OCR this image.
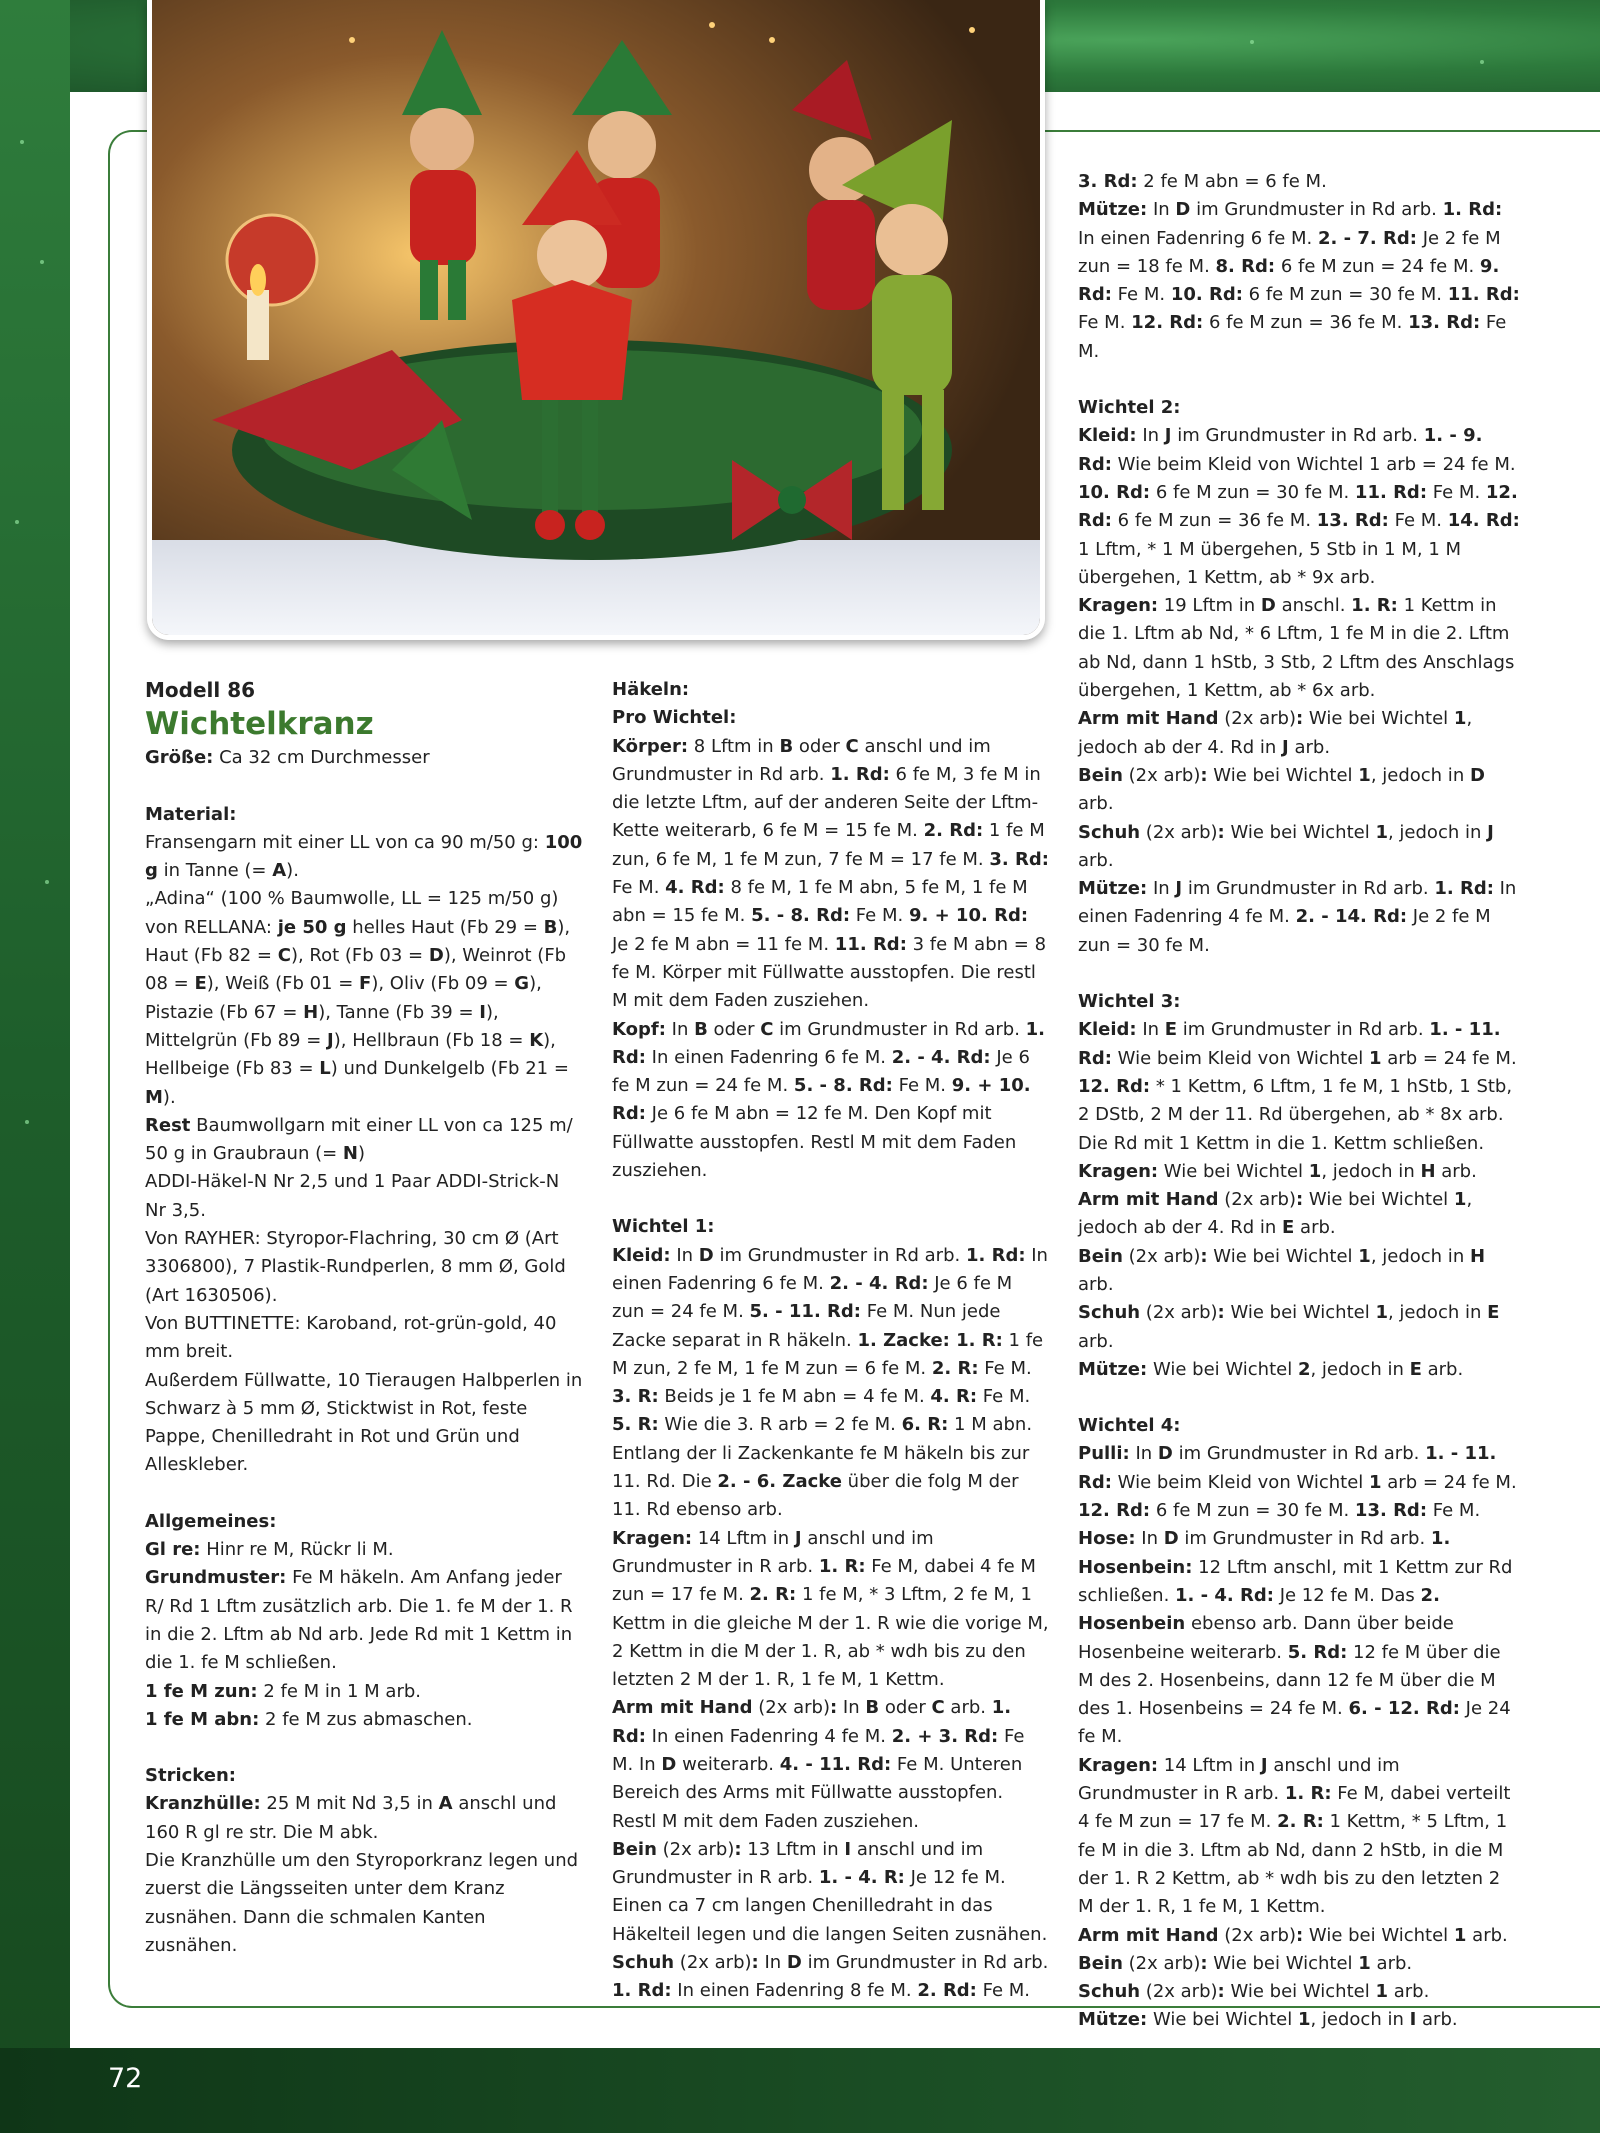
Modell 86

Wichtelkranz

Größe: Ca 32 cm Durchmesser

Material:

Fransengarn mit einer LL von ca 90 m/50 g: 100 g in Tanne (= A).

„Adina“ (100 % Baumwolle, LL = 125 m/50 g) von RELLANA: je 50 g helles Haut (Fb 29 = B), Haut (Fb 82 = C), Rot (Fb 03 = D), Weinrot (Fb 08 = E), Weiß (Fb 01 = F), Oliv (Fb 09 = G), Pistazie (Fb 67 = H), Tanne (Fb 39 = I), Mittelgrün (Fb 89 = J), Hellbraun (Fb 18 = K), Hellbeige (Fb 83 = L) und Dunkelgelb (Fb 21 = M).

Rest Baumwollgarn mit einer LL von ca 125 m/ 50 g in Graubraun (= N)

ADDI-Häkel-N Nr 2,5 und 1 Paar ADDI-Strick-N Nr 3,5.

Von RAYHER: Styropor-Flachring, 30 cm Ø (Art 3306800), 7 Plastik-Rundperlen, 8 mm Ø, Gold (Art 1630506).

Von BUTTINETTE: Karoband, rot-grün-gold, 40 mm breit.

Außerdem Füllwatte, 10 Tieraugen Halbperlen in Schwarz à 5 mm Ø, Sticktwist in Rot, feste Pappe, Chenilledraht in Rot und Grün und Alleskleber.

Allgemeines:

Gl re: Hinr re M, Rückr li M.

Grundmuster: Fe M häkeln. Am Anfang jeder R/ Rd 1 Lftm zusätzlich arb. Die 1. fe M der 1. R in die 2. Lftm ab Nd arb. Jede Rd mit 1 Kettm in die 1. fe M schließen.

1 fe M zun: 2 fe M in 1 M arb.

1 fe M abn: 2 fe M zus abmaschen.

Stricken:

Kranzhülle: 25 M mit Nd 3,5 in A anschl und 160 R gl re str. Die M abk.

Die Kranzhülle um den Styroporkranz legen und zuerst die Längsseiten unter dem Kranz zusnähen. Dann die schmalen Kanten zusnähen.

Häkeln:

Pro Wichtel:

Körper: 8 Lftm in B oder C anschl und im Grundmuster in Rd arb. 1. Rd: 6 fe M, 3 fe M in die letzte Lftm, auf der anderen Seite der Lftm-Kette weiterarb, 6 fe M = 15 fe M. 2. Rd: 1 fe M zun, 6 fe M, 1 fe M zun, 7 fe M = 17 fe M. 3. Rd: Fe M. 4. Rd: 8 fe M, 1 fe M abn, 5 fe M, 1 fe M abn = 15 fe M. 5. - 8. Rd: Fe M. 9. + 10. Rd: Je 2 fe M abn = 11 fe M. 11. Rd: 3 fe M abn = 8 fe M. Körper mit Füllwatte ausstopfen. Die restl M mit dem Faden zusziehen.

Kopf: In B oder C im Grundmuster in Rd arb. 1. Rd: In einen Fadenring 6 fe M. 2. - 4. Rd: Je 6 fe M zun = 24 fe M. 5. - 8. Rd: Fe M. 9. + 10. Rd: Je 6 fe M abn = 12 fe M. Den Kopf mit Füllwatte ausstopfen. Restl M mit dem Faden zusziehen.

Wichtel 1:

Kleid: In D im Grundmuster in Rd arb. 1. Rd: In einen Fadenring 6 fe M. 2. - 4. Rd: Je 6 fe M zun = 24 fe M. 5. - 11. Rd: Fe M. Nun jede Zacke separat in R häkeln. 1. Zacke: 1. R: 1 fe M zun, 2 fe M, 1 fe M zun = 6 fe M. 2. R: Fe M. 3. R: Beids je 1 fe M abn = 4 fe M. 4. R: Fe M. 5. R: Wie die 3. R arb = 2 fe M. 6. R: 1 M abn. Entlang der li Zackenkante fe M häkeln bis zur 11. Rd. Die 2. - 6. Zacke über die folg M der 11. Rd ebenso arb.

Kragen: 14 Lftm in J anschl und im Grundmuster in R arb. 1. R: Fe M, dabei 4 fe M zun = 17 fe M. 2. R: 1 fe M, * 3 Lftm, 2 fe M, 1 Kettm in die gleiche M der 1. R wie die vorige M, 2 Kettm in die M der 1. R, ab * wdh bis zu den letzten 2 M der 1. R, 1 fe M, 1 Kettm.

Arm mit Hand (2x arb): In B oder C arb. 1. Rd: In einen Fadenring 4 fe M. 2. + 3. Rd: Fe M. In D weiterarb. 4. - 11. Rd: Fe M. Unteren Bereich des Arms mit Füllwatte ausstopfen. Restl M mit dem Faden zusziehen.

Bein (2x arb): 13 Lftm in I anschl und im Grundmuster in R arb. 1. - 4. R: Je 12 fe M. Einen ca 7 cm langen Chenilledraht in das Häkelteil legen und die langen Seiten zusnähen.

Schuh (2x arb): In D im Grundmuster in Rd arb. 1. Rd: In einen Fadenring 8 fe M. 2. Rd: Fe M.

3. Rd: 2 fe M abn = 6 fe M.

Mütze: In D im Grundmuster in Rd arb. 1. Rd: In einen Fadenring 6 fe M. 2. - 7. Rd: Je 2 fe M zun = 18 fe M. 8. Rd: 6 fe M zun = 24 fe M. 9. Rd: Fe M. 10. Rd: 6 fe M zun = 30 fe M. 11. Rd: Fe M. 12. Rd: 6 fe M zun = 36 fe M. 13. Rd: Fe M.

Wichtel 2:

Kleid: In J im Grundmuster in Rd arb. 1. - 9. Rd: Wie beim Kleid von Wichtel 1 arb = 24 fe M. 10. Rd: 6 fe M zun = 30 fe M. 11. Rd: Fe M. 12. Rd: 6 fe M zun = 36 fe M. 13. Rd: Fe M. 14. Rd: 1 Lftm, * 1 M übergehen, 5 Stb in 1 M, 1 M übergehen, 1 Kettm, ab * 9x arb.

Kragen: 19 Lftm in D anschl. 1. R: 1 Kettm in die 1. Lftm ab Nd, * 6 Lftm, 1 fe M in die 2. Lftm ab Nd, dann 1 hStb, 3 Stb, 2 Lftm des Anschlags übergehen, 1 Kettm, ab * 6x arb.

Arm mit Hand (2x arb): Wie bei Wichtel 1, jedoch ab der 4. Rd in J arb.

Bein (2x arb): Wie bei Wichtel 1, jedoch in D arb.

Schuh (2x arb): Wie bei Wichtel 1, jedoch in J arb.

Mütze: In J im Grundmuster in Rd arb. 1. Rd: In einen Fadenring 4 fe M. 2. - 14. Rd: Je 2 fe M zun = 30 fe M.

Wichtel 3:

Kleid: In E im Grundmuster in Rd arb. 1. - 11. Rd: Wie beim Kleid von Wichtel 1 arb = 24 fe M. 12. Rd: * 1 Kettm, 6 Lftm, 1 fe M, 1 hStb, 1 Stb, 2 DStb, 2 M der 11. Rd übergehen, ab * 8x arb. Die Rd mit 1 Kettm in die 1. Kettm schließen.

Kragen: Wie bei Wichtel 1, jedoch in H arb.

Arm mit Hand (2x arb): Wie bei Wichtel 1, jedoch ab der 4. Rd in E arb.

Bein (2x arb): Wie bei Wichtel 1, jedoch in H arb.

Schuh (2x arb): Wie bei Wichtel 1, jedoch in E arb.

Mütze: Wie bei Wichtel 2, jedoch in E arb.

Wichtel 4:

Pulli: In D im Grundmuster in Rd arb. 1. - 11. Rd: Wie beim Kleid von Wichtel 1 arb = 24 fe M. 12. Rd: 6 fe M zun = 30 fe M. 13. Rd: Fe M.

Hose: In D im Grundmuster in Rd arb. 1. Hosenbein: 12 Lftm anschl, mit 1 Kettm zur Rd schließen. 1. - 4. Rd: Je 12 fe M. Das 2. Hosenbein ebenso arb. Dann über beide Hosenbeine weiterarb. 5. Rd: 12 fe M über die M des 2. Hosenbeins, dann 12 fe M über die M des 1. Hosenbeins = 24 fe M. 6. - 12. Rd: Je 24 fe M.

Kragen: 14 Lftm in J anschl und im Grundmuster in R arb. 1. R: Fe M, dabei verteilt 4 fe M zun = 17 fe M. 2. R: 1 Kettm, * 5 Lftm, 1 fe M in die 3. Lftm ab Nd, dann 2 hStb, in die M der 1. R 2 Kettm, ab * wdh bis zu den letzten 2 M der 1. R, 1 fe M, 1 Kettm.

Arm mit Hand (2x arb): Wie bei Wichtel 1 arb.

Bein (2x arb): Wie bei Wichtel 1 arb.

Schuh (2x arb): Wie bei Wichtel 1 arb.

Mütze: Wie bei Wichtel 1, jedoch in I arb.

72
